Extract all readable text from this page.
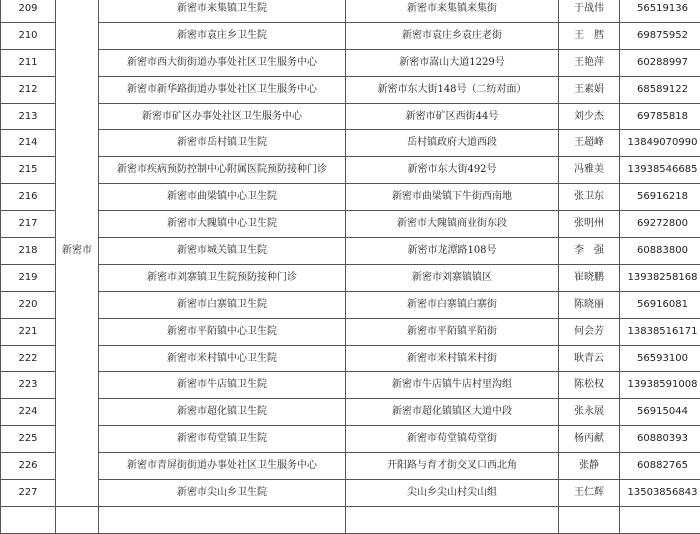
209	新密市	新密市来集镇卫生院	新密市来集镇来集街	于战伟	56519136
210		新密市袁庄乡卫生院	新密市袁庄乡袁庄老街	王　膤	69875952
211		新密市西大街街道办事处社区卫生服务中心	新密市嵩山大道1229号	王艳萍	60288997
212		新密市新华路街道办事处社区卫生服务中心	新密市东大街148号（二纺对面）	王素娟	68589122
213		新密市矿区办事处社区卫生服务中心	新密市矿区西街44号	刘少杰	69785818
214		新密市岳村镇卫生院	岳村镇政府大道西段	王超峰	13849070990
215		新密市疾病预防控制中心附属医院预防接种门诊	新密市东大街492号	冯雅美	13938546685
216		新密市曲梁镇中心卫生院	新密市曲梁镇下牛街西南地	张卫东	56916218
217		新密市大隗镇中心卫生院	新密市大隗镇商业街东段	张明州	69272800
218		新密市城关镇卫生院	新密市龙潭路108号	李　强	60883800
219		新密市刘寨镇卫生院预防接种门诊	新密市刘寨镇镇区	崔晓鹏	13938258168
220		新密市白寨镇卫生院	新密市白寨镇白寨街	陈晓丽	56916081
221		新密市平陌镇中心卫生院	新密市平陌镇平陌街	何会芳	13838516171
222		新密市米村镇中心卫生院	新密市米村镇米村街	耿青云	56593100
223		新密市牛店镇卫生院	新密市牛店镇牛店村里沟组	陈松权	13938591008
224		新密市超化镇卫生院	新密市超化镇镇区大道中段	张永展	56915044
225		新密市苟堂镇卫生院	新密市苟堂镇苟堂街	杨丙献	60880393
226		新密市青屏街街道办事处社区卫生服务中心	开阳路与育才街交叉口西北角	张静	60882765
227		新密市尖山乡卫生院	尖山乡尖山村尖山组	王仁辉	13503856843
